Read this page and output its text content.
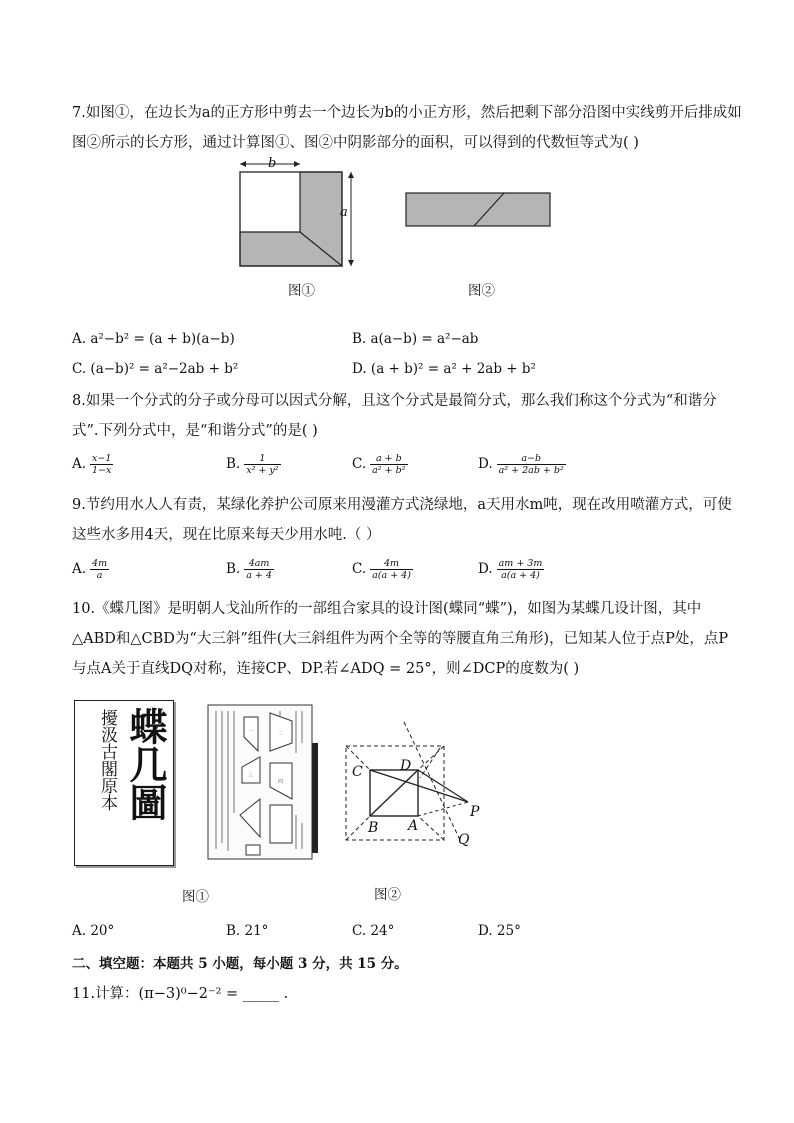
7.如图①，在边长为a的正方形中剪去一个边长为b的小正方形，然后把剩下部分沿图中实线剪开后排成如
图②所示的长方形，通过计算图①、图②中阴影部分的面积，可以得到的代数恒等式为( )
b
a
图①	图②
A. a²−b² = (a + b)(a−b)	B. a(a−b) = a²−ab
C. (a−b)² = a²−2ab + b²	D. (a + b)² = a² + 2ab + b²
8.如果一个分式的分子或分母可以因式分解，且这个分式是最简分式，那么我们称这个分式为“和谐分
式”.下列分式中，是“和谐分式”的是( )
A. $\frac{x-1}{1-x}$	B. $\frac{1}{\text{x² + y²}}$	C. $\frac{a + b}{\text{a² + b²}}$	D. $\frac{a-b}{\text{a² + 2ab + b²}}$
9.节约用水人人有责，某绿化养护公司原来用漫灌方式浇绿地，a天用水m吨，现在改用喷灌方式，可使
这些水多用4天，现在比原来每天少用水吨.（ ）
A. $\frac{4m}{a}$	B. $\frac{4am}{a + 4}$	C. $\frac{4m}{a(a + 4)}$	D. $\frac{am + 3m}{a(a + 4)}$
10.《蝶几图》是明朝人戈汕所作的一部组合家具的设计图(蝶同“蝶”)，如图为某蝶几设计图，其中
△ABD和△CBD为“大三斜”组件(大三斜组件为两个全等的等腰直角三角形)，已知某人位于点P处，点P
与点A关于直线DQ对称，连接CP、DP.若∠ADQ = 25°，则∠DCP的度数为( )
擾汲古閣原本 蝶几圖	一	二
三
四
图①
C	D
P
B A
Q
图②
A. 20°	B. 21°	C. 24°	D. 25°
二、填空题：本题共 5 小题，每小题 3 分，共 15 分。
11.计算：(π−3)⁰−2⁻² = _____ .
